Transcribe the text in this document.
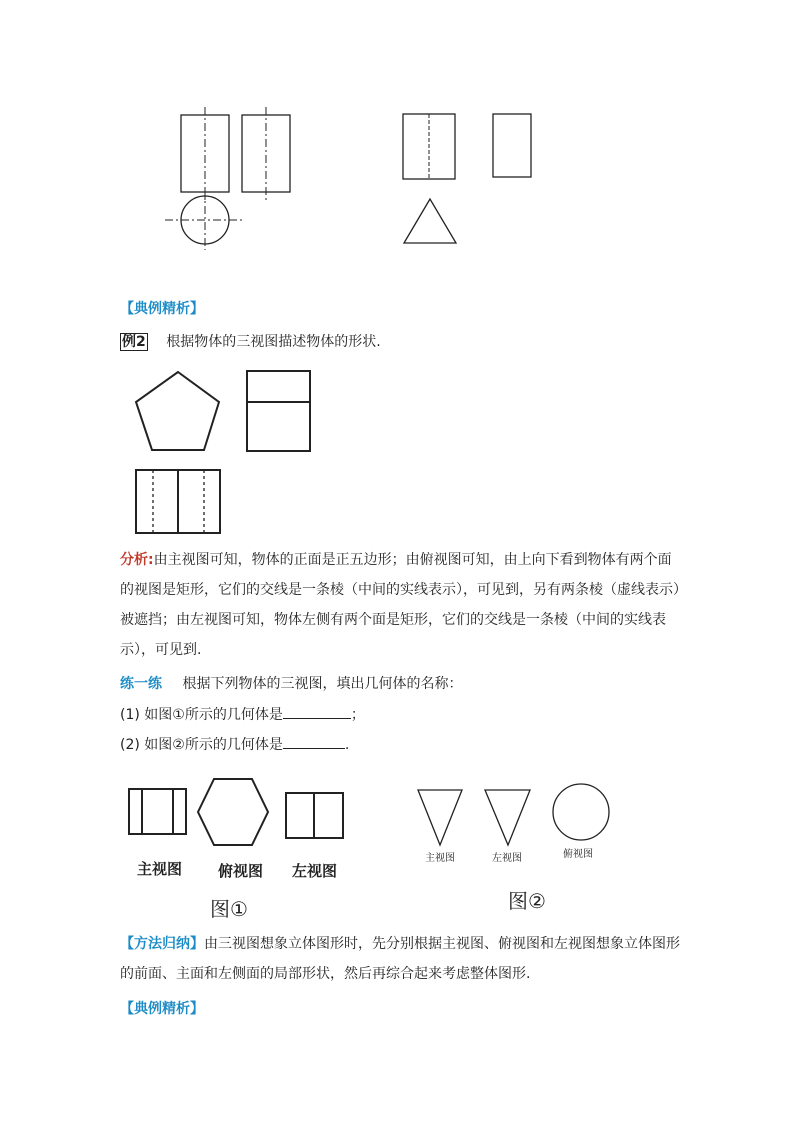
【典例精析】
例2 根据物体的三视图描述物体的形状.
分析:由主视图可知，物体的正面是正五边形；由俯视图可知，由上向下看到物体有两个面
的视图是矩形，它们的交线是一条棱（中间的实线表示），可见到，另有两条棱（虚线表示）
被遮挡；由左视图可知，物体左侧有两个面是矩形，它们的交线是一条棱（中间的实线表
示），可见到.
练一练 根据下列物体的三视图，填出几何体的名称：
(1) 如图①所示的几何体是	；
(2) 如图②所示的几何体是	.
主视图 俯视图 左视图
图①
主视图	左视图	俯视图
图②
【方法归纳】由三视图想象立体图形时，先分别根据主视图、俯视图和左视图想象立体图形
的前面、主面和左侧面的局部形状，然后再综合起来考虑整体图形.
【典例精析】
